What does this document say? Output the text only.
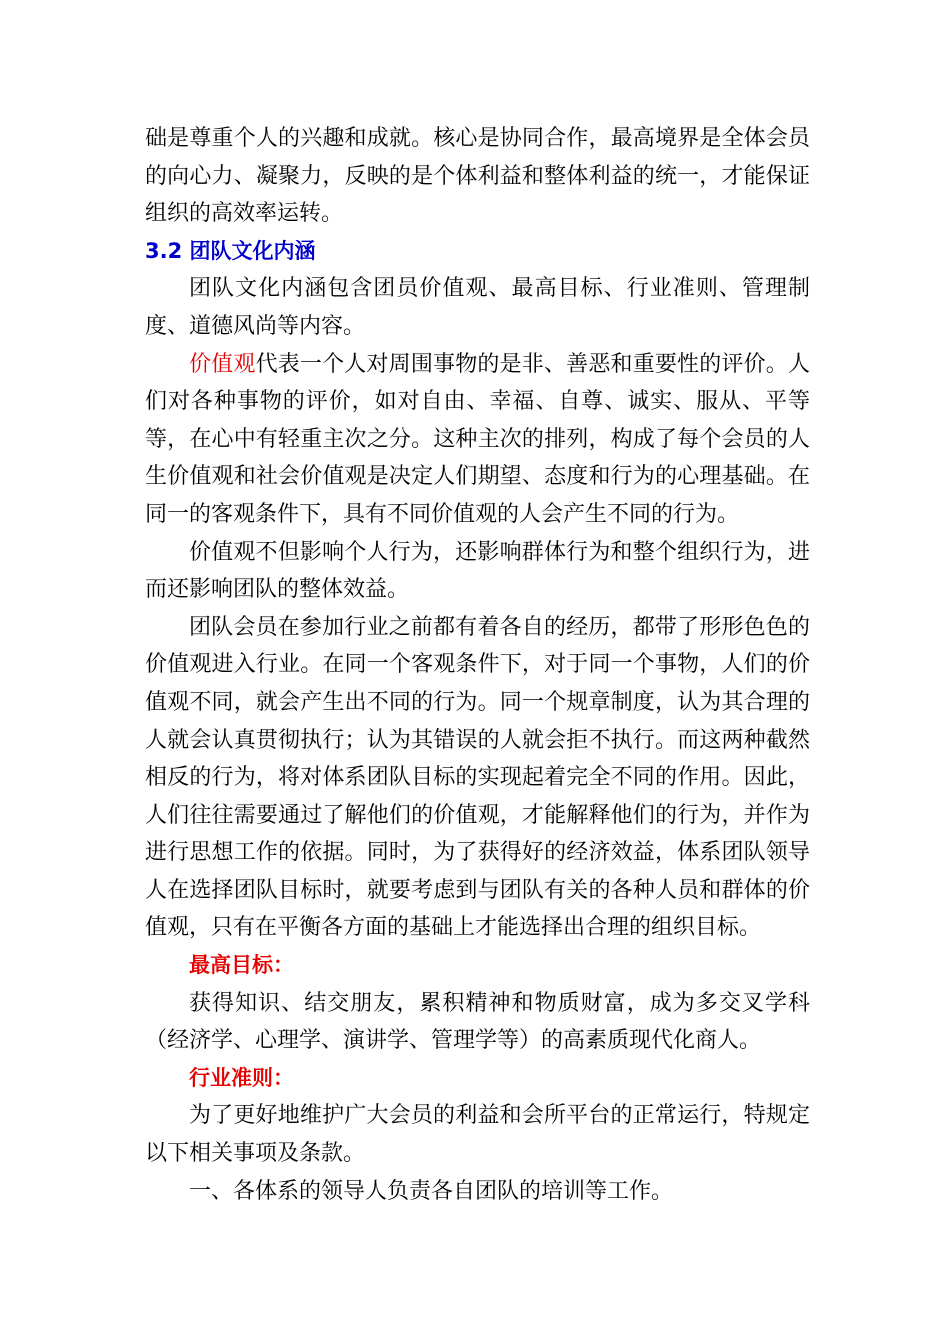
础是尊重个人的兴趣和成就。核心是协同合作，最高境界是全体会员的向心力、凝聚力，反映的是个体利益和整体利益的统一，才能保证组织的高效率运转。

3.2 团队文化内涵

团队文化内涵包含团员价值观、最高目标、行业准则、管理制度、道德风尚等内容。

价值观代表一个人对周围事物的是非、善恶和重要性的评价。人们对各种事物的评价，如对自由、幸福、自尊、诚实、服从、平等等，在心中有轻重主次之分。这种主次的排列，构成了每个会员的人生价值观和社会价值观是决定人们期望、态度和行为的心理基础。在同一的客观条件下，具有不同价值观的人会产生不同的行为。

价值观不但影响个人行为，还影响群体行为和整个组织行为，进而还影响团队的整体效益。

团队会员在参加行业之前都有着各自的经历，都带了形形色色的价值观进入行业。在同一个客观条件下，对于同一个事物，人们的价值观不同，就会产生出不同的行为。同一个规章制度，认为其合理的人就会认真贯彻执行；认为其错误的人就会拒不执行。而这两种截然相反的行为，将对体系团队目标的实现起着完全不同的作用。因此，人们往往需要通过了解他们的价值观，才能解释他们的行为，并作为进行思想工作的依据。同时，为了获得好的经济效益，体系团队领导人在选择团队目标时，就要考虑到与团队有关的各种人员和群体的价值观，只有在平衡各方面的基础上才能选择出合理的组织目标。

最高目标：

获得知识、结交朋友，累积精神和物质财富，成为多交叉学科（经济学、心理学、演讲学、管理学等）的高素质现代化商人。

行业准则：

为了更好地维护广大会员的利益和会所平台的正常运行，特规定以下相关事项及条款。

一、各体系的领导人负责各自团队的培训等工作。
